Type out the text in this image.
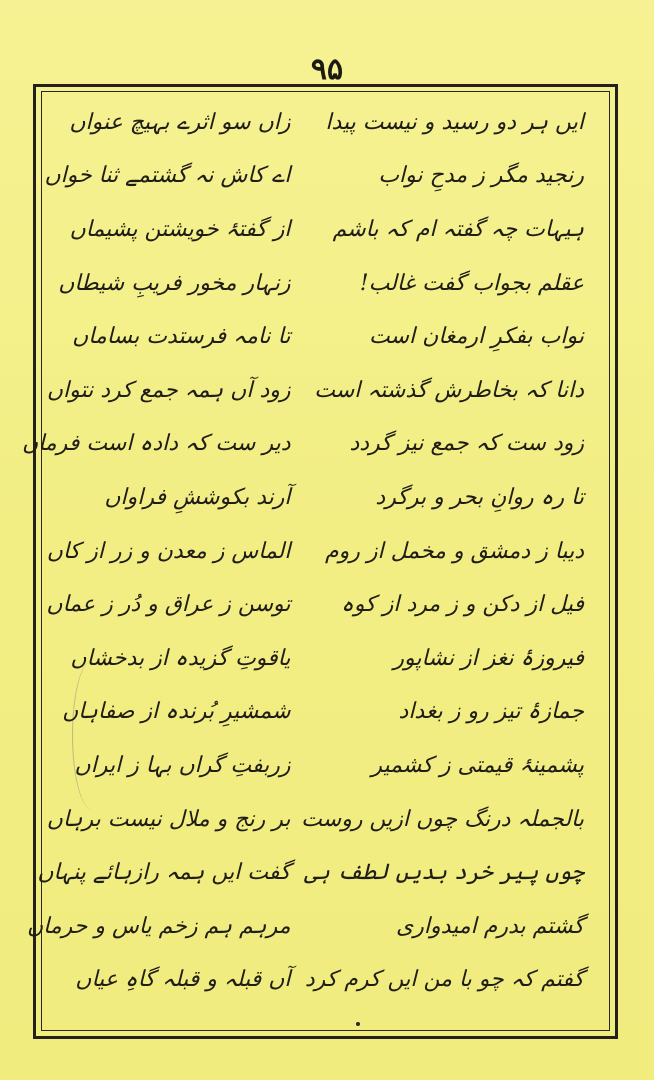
۹۵
ایں ہر دو رسید و نیست پیدا
زاں سو اثرے بہیچ عنواں
رنجید مگر ز مدحِ نواب
اے کاش نہ گشتمے ثنا خواں
ہیہات چہ گفتہ ام کہ باشم
از گفتۂ خویشتن پشیماں
عقلم بجواب گفت غالب!
زنہار مخور فریبِ شیطاں
نواب بفکرِ ارمغان است
تا نامہ فرستدت بساماں
دانا کہ بخاطرش گذشتہ است
زود آں ہمہ جمع کرد نتواں
زود ست کہ جمع نیز گردد
دیر ست کہ دادہ است فرماں
تا رہ روانِ بحر و برگرد
آرند بکوششِ فراواں
دیبا ز دمشق و مخمل از روم
الماس ز معدن و زر از کاں
فیل از دکن و ز مرد از کوہ
توسن ز عراق و دُر ز عماں
فیروزۂ نغز از نشاپور
یاقوتِ گزیدہ از بدخشاں
جمازۂ تیز رو ز بغداد
شمشیرِ بُرندہ از صفاہاں
پشمینۂ قیمتی ز کشمیر
زربفتِ گراں بہا ز ایراں
بالجملہ درنگ چوں ازیں روست
بر رنج و ملال نیست برہاں
چوں پیر خرد بدیں لطف ہی
گفت ایں ہمہ رازہائے پنہاں
گشتم بدرم امیدواری
مرہم ہم زخم یاس و حرماں
گفتم کہ چو با من ایں کرم کرد
آں قبلہ و قبلہ گاہِ عیاں
